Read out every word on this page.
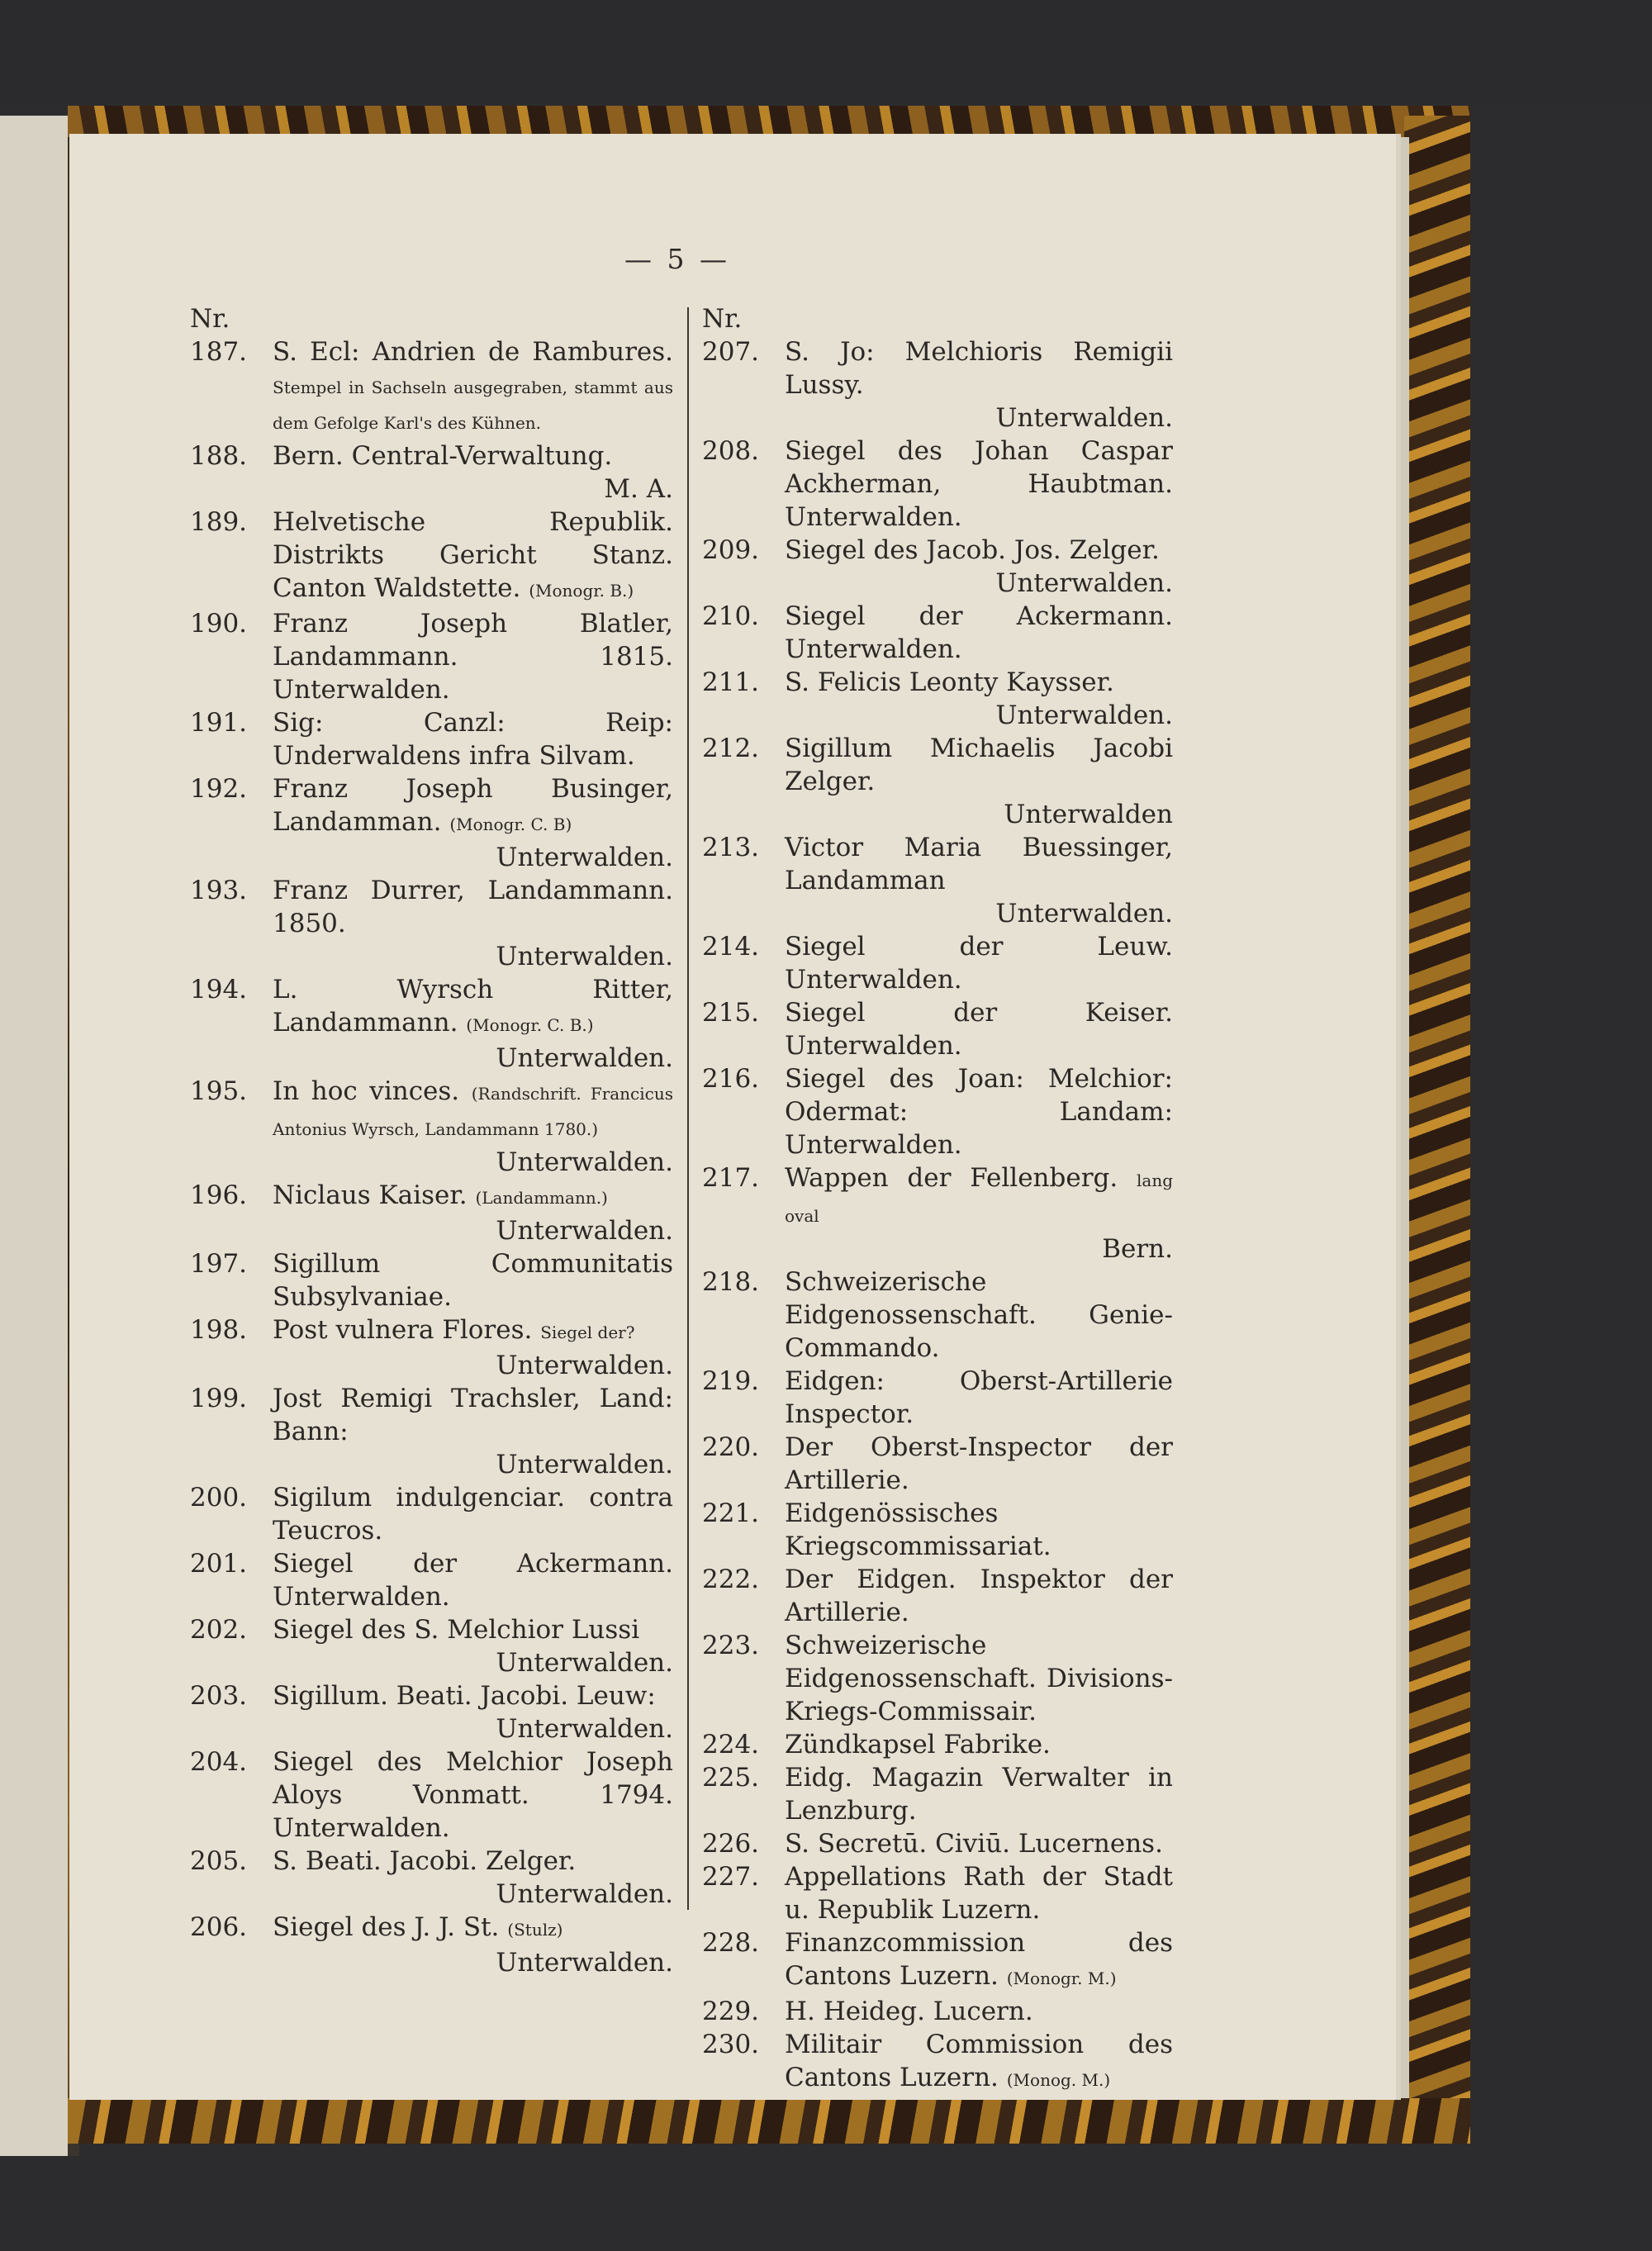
— 5 —
Nr.
187. S. Ecl: Andrien de Rambures. Stempel in Sachseln ausgegraben, stammt aus dem Gefolge Karl's des Kühnen.
188. Bern. Central-Verwaltung.
M. A.
189. Helvetische Republik. Distrikts Gericht Stanz. Canton Waldstette. (Monogr. B.)
190. Franz Joseph Blatler, Landammann. 1815. Unterwalden.
191. Sig: Canzl: Reip: Underwaldens infra Silvam.
192. Franz Joseph Businger, Landamman. (Monogr. C. B)
Unterwalden.
193. Franz Durrer, Landammann. 1850.
Unterwalden.
194. L. Wyrsch Ritter, Landammann. (Monogr. C. B.)
Unterwalden.
195. In hoc vinces. (Randschrift. Francicus Antonius Wyrsch, Landammann 1780.)
Unterwalden.
196. Niclaus Kaiser. (Landammann.)
Unterwalden.
197. Sigillum Communitatis Subsylvaniae.
198. Post vulnera Flores. Siegel der?
Unterwalden.
199. Jost Remigi Trachsler, Land: Bann:
Unterwalden.
200. Sigilum indulgenciar. contra Teucros.
201. Siegel der Ackermann. Unterwalden.
202. Siegel des S. Melchior Lussi
Unterwalden.
203. Sigillum. Beati. Jacobi. Leuw:
Unterwalden.
204. Siegel des Melchior Joseph Aloys Vonmatt. 1794. Unterwalden.
205. S. Beati. Jacobi. Zelger.
Unterwalden.
206. Siegel des J. J. St. (Stulz)
Unterwalden.
Nr.
207. S. Jo: Melchioris Remigii Lussy.
Unterwalden.
208. Siegel des Johan Caspar Ackherman, Haubtman. Unterwalden.
209. Siegel des Jacob. Jos. Zelger.
Unterwalden.
210. Siegel der Ackermann. Unterwalden.
211. S. Felicis Leonty Kaysser.
Unterwalden.
212. Sigillum Michaelis Jacobi Zelger.
Unterwalden
213. Victor Maria Buessinger, Landamman
Unterwalden.
214. Siegel der Leuw. Unterwalden.
215. Siegel der Keiser. Unterwalden.
216. Siegel des Joan: Melchior: Odermat: Landam: Unterwalden.
217. Wappen der Fellenberg. lang oval
Bern.
218. Schweizerische Eidgenossenschaft. Genie-Commando.
219. Eidgen: Oberst-Artillerie Inspector.
220. Der Oberst-Inspector der Artillerie.
221. Eidgenössisches Kriegscommissariat.
222. Der Eidgen. Inspektor der Artillerie.
223. Schweizerische Eidgenossenschaft. Divisions-Kriegs-Commissair.
224. Zündkapsel Fabrike.
225. Eidg. Magazin Verwalter in Lenzburg.
226. S. Secretū. Civiū. Lucernens.
227. Appellations Rath der Stadt u. Republik Luzern.
228. Finanzcommission des Cantons Luzern. (Monogr. M.)
229. H. Heideg. Lucern.
230. Militair Commission des Cantons Luzern. (Monog. M.)
